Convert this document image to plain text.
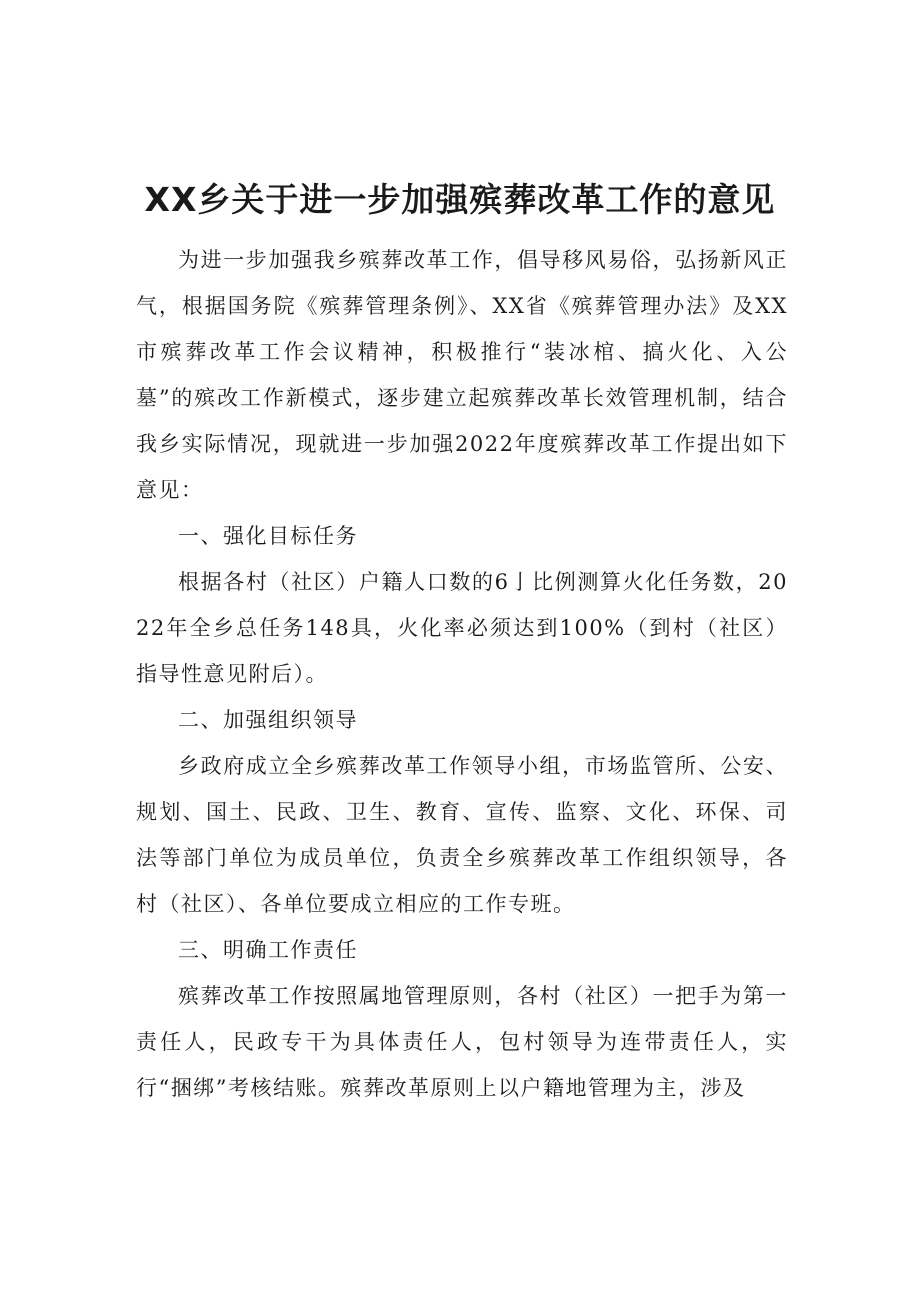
XX乡关于进一步加强殡葬改革工作的意见

为进一步加强我乡殡葬改革工作，倡导移风易俗，弘扬新风正气，根据国务院《殡葬管理条例》、XX省《殡葬管理办法》及XX市殡葬改革工作会议精神，积极推行“装冰棺、搞火化、入公墓”的殡改工作新模式，逐步建立起殡葬改革长效管理机制，结合我乡实际情况，现就进一步加强2022年度殡葬改革工作提出如下意见：

一、强化目标任务

根据各村（社区）户籍人口数的6亅比例测算火化任务数，2022年全乡总任务148具，火化率必须达到100%（到村（社区）指导性意见附后）。

二、加强组织领导

乡政府成立全乡殡葬改革工作领导小组，市场监管所、公安、规划、国土、民政、卫生、教育、宣传、监察、文化、环保、司法等部门单位为成员单位，负责全乡殡葬改革工作组织领导，各村（社区）、各单位要成立相应的工作专班。

三、明确工作责任

殡葬改革工作按照属地管理原则，各村（社区）一把手为第一责任人，民政专干为具体责任人，包村领导为连带责任人，实行“捆绑”考核结账。殡葬改革原则上以户籍地管理为主，涉及
